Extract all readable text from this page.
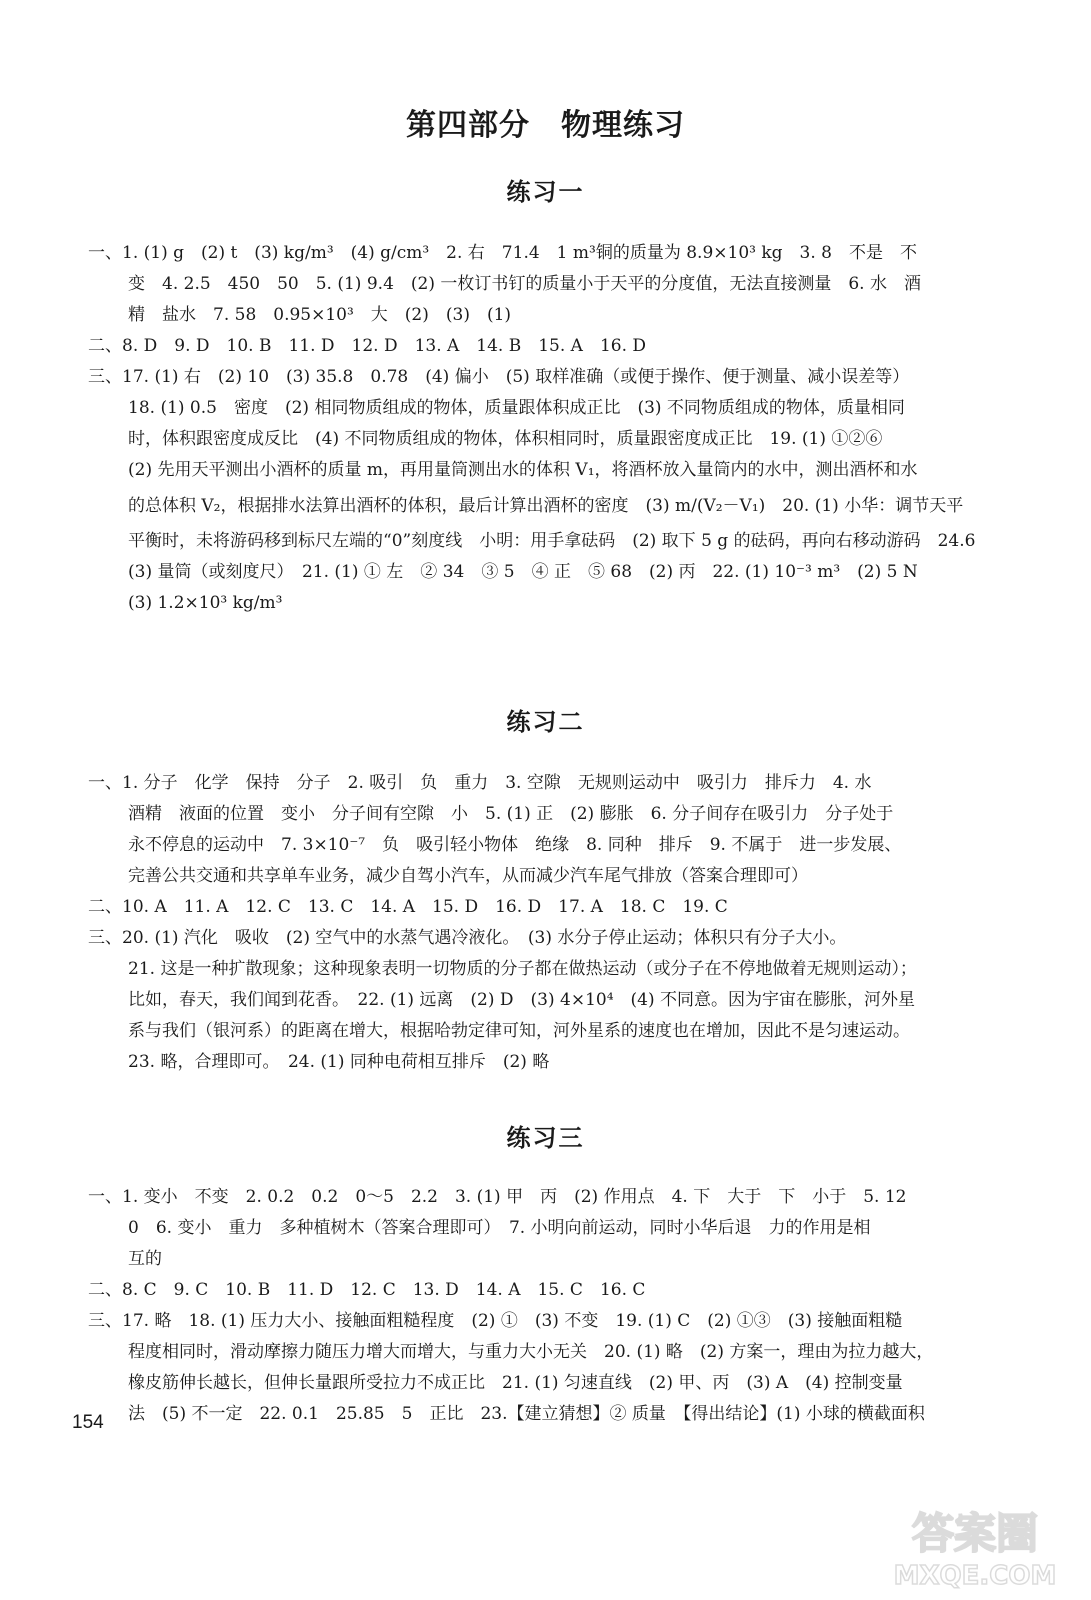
第四部分　物理练习
练习一
一、1. (1) g　(2) t　(3) kg/m³　(4) g/cm³　2. 右　71.4　1 m³铜的质量为 8.9×10³ kg　3. 8　不是　不
变　4. 2.5　450　50　5. (1) 9.4　(2) 一枚订书钉的质量小于天平的分度值，无法直接测量　6. 水　酒
精　盐水　7. 58　0.95×10³　大　(2)　(3)　(1)
二、8. D　9. D　10. B　11. D　12. D　13. A　14. B　15. A　16. D
三、17. (1) 右　(2) 10　(3) 35.8　0.78　(4) 偏小　(5) 取样准确（或便于操作、便于测量、减小误差等）
18. (1) 0.5　密度　(2) 相同物质组成的物体，质量跟体积成正比　(3) 不同物质组成的物体，质量相同
时，体积跟密度成反比　(4) 不同物质组成的物体，体积相同时，质量跟密度成正比　19. (1) ①②⑥
(2) 先用天平测出小酒杯的质量 m，再用量筒测出水的体积 V₁，将酒杯放入量筒内的水中，测出酒杯和水
的总体积 V₂，根据排水法算出酒杯的体积，最后计算出酒杯的密度　(3) m/(V₂－V₁)　20. (1) 小华：调节天平
平衡时，未将游码移到标尺左端的“0”刻度线　小明：用手拿砝码　(2) 取下 5 g 的砝码，再向右移动游码　24.6
(3) 量筒（或刻度尺）　21. (1) ① 左　② 34　③ 5　④ 正　⑤ 68　(2) 丙　22. (1) 10⁻³ m³　(2) 5 N
(3) 1.2×10³ kg/m³
练习二
一、1. 分子　化学　保持　分子　2. 吸引　负　重力　3. 空隙　无规则运动中　吸引力　排斥力　4. 水
酒精　液面的位置　变小　分子间有空隙　小　5. (1) 正　(2) 膨胀　6. 分子间存在吸引力　分子处于
永不停息的运动中　7. 3×10⁻⁷　负　吸引轻小物体　绝缘　8. 同种　排斥　9. 不属于　进一步发展、
完善公共交通和共享单车业务，减少自驾小汽车，从而减少汽车尾气排放（答案合理即可）
二、10. A　11. A　12. C　13. C　14. A　15. D　16. D　17. A　18. C　19. C
三、20. (1) 汽化　吸收　(2) 空气中的水蒸气遇冷液化。　(3) 水分子停止运动；体积只有分子大小。
21. 这是一种扩散现象；这种现象表明一切物质的分子都在做热运动（或分子在不停地做着无规则运动）；
比如，春天，我们闻到花香。　22. (1) 远离　(2) D　(3) 4×10⁴　(4) 不同意。因为宇宙在膨胀，河外星
系与我们（银河系）的距离在增大，根据哈勃定律可知，河外星系的速度也在增加，因此不是匀速运动。
23. 略，合理即可。　24. (1) 同种电荷相互排斥　(2) 略
练习三
一、1. 变小　不变　2. 0.2　0.2　0～5　2.2　3. (1) 甲　丙　(2) 作用点　4. 下　大于　下　小于　5. 12
0　6. 变小　重力　多种植树木（答案合理即可）　7. 小明向前运动，同时小华后退　力的作用是相
互的
二、8. C　9. C　10. B　11. D　12. C　13. D　14. A　15. C　16. C
三、17. 略　18. (1) 压力大小、接触面粗糙程度　(2) ①　(3) 不变　19. (1) C　(2) ①③　(3) 接触面粗糙
程度相同时，滑动摩擦力随压力增大而增大，与重力大小无关　20. (1) 略　(2) 方案一，理由为拉力越大，
橡皮筋伸长越长，但伸长量跟所受拉力不成正比　21. (1) 匀速直线　(2) 甲、丙　(3) A　(4) 控制变量
法　(5) 不一定　22. 0.1　25.85　5　正比　23.【建立猜想】② 质量　【得出结论】(1) 小球的横截面积
154
答案圈
MXQE.COM
